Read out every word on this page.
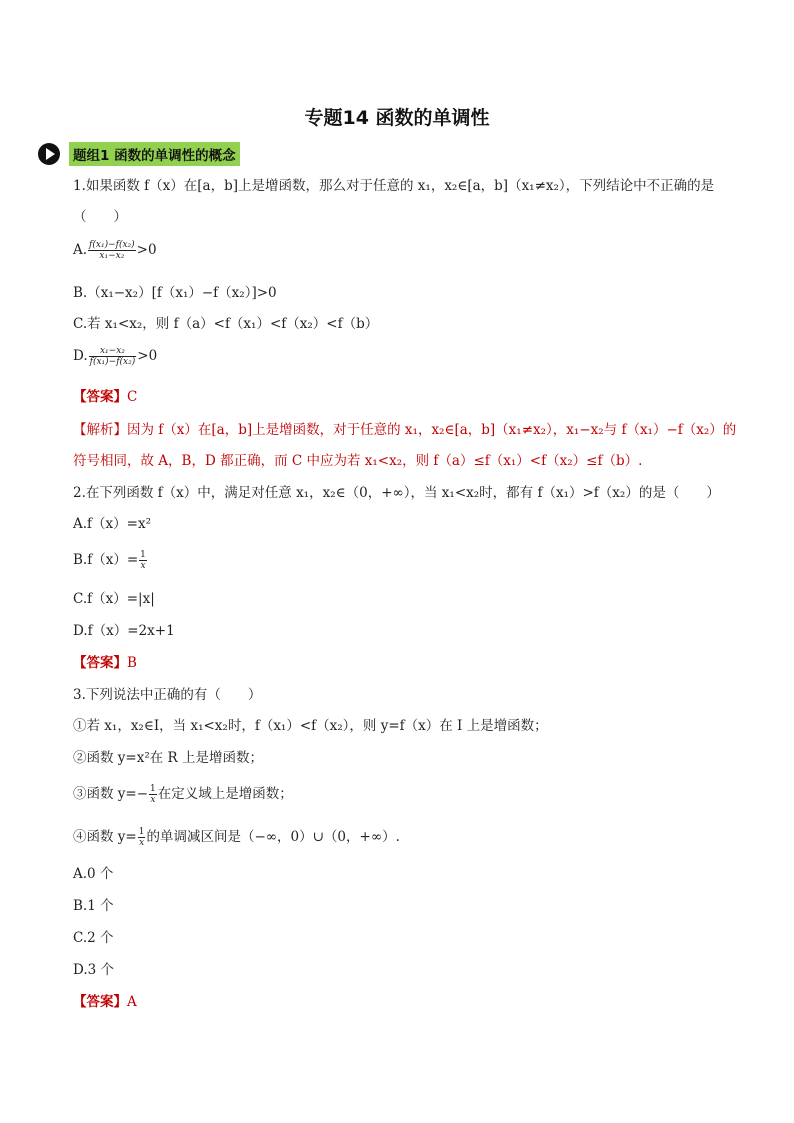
专题14 函数的单调性
题组1 函数的单调性的概念
1.如果函数 f（x）在[a，b]上是增函数，那么对于任意的 x₁，x₂∈[a，b]（x₁≠x₂），下列结论中不正确的是
（　　）
A. $\frac{\text{f(x₁)−f(x₂)}}{\text{x₁−x₂}} >0$
B.（x₁−x₂）[f（x₁）−f（x₂）]>0
C.若 x₁<x₂，则 f（a）<f（x₁）<f（x₂）<f（b）
D. $\frac{\text{x₁−x₂}}{\text{f(x₁)−f(x₂)}} >0$
【答案】C
【解析】因为 f（x）在[a，b]上是增函数，对于任意的 x₁，x₂∈[a，b]（x₁≠x₂），x₁−x₂与 f（x₁）−f（x₂）的
符号相同，故 A，B，D 都正确，而 C 中应为若 x₁<x₂，则 f（a）≤f（x₁）<f（x₂）≤f（b）.
2.在下列函数 f（x）中，满足对任意 x₁，x₂∈（0，+∞），当 x₁<x₂时，都有 f（x₁）>f（x₂）的是（　　）
A.f（x）=x²
$B.f(x)= \frac{1}{x}$
C.f（x）=|x|
D.f（x）=2x+1
【答案】B
3.下列说法中正确的有（　　）
①若 x₁，x₂∈I，当 x₁<x₂时，f（x₁）<f（x₂），则 y=f（x）在 I 上是增函数；
②函数 y=x²在 R 上是增函数；
③函数 $y=- \frac{1}{x}$ 在定义域上是增函数；
④函数 $y= \frac{1}{x}$ 的单调减区间是（−∞，0）∪（0，+∞）.
A.0 个
B.1 个
C.2 个
D.3 个
【答案】A
